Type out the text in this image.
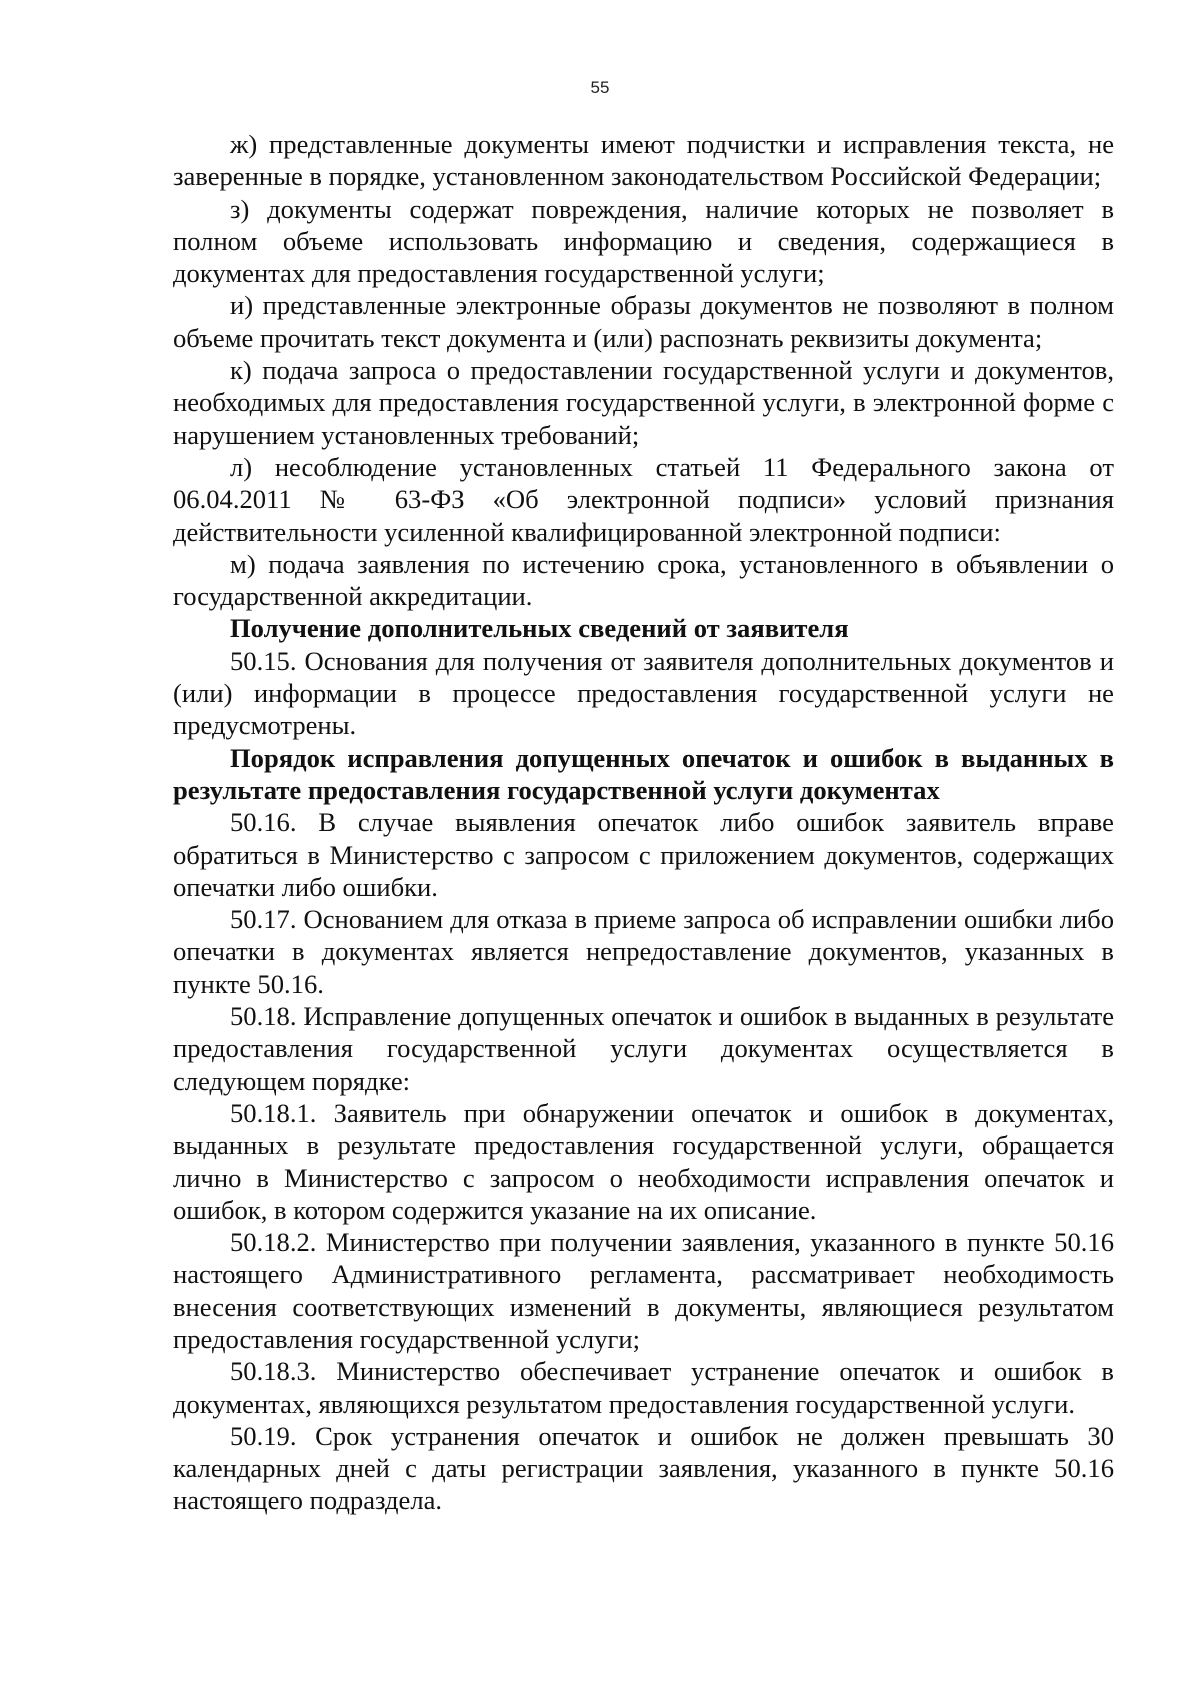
55

ж) представленные документы имеют подчистки и исправления текста, не заверенные в порядке, установленном законодательством Российской Федерации;

з) документы содержат повреждения, наличие которых не позволяет в полном объеме использовать информацию и сведения, содержащиеся в документах для предоставления государственной услуги;

и) представленные электронные образы документов не позволяют в полном объеме прочитать текст документа и (или) распознать реквизиты документа;

к) подача запроса о предоставлении государственной услуги и документов, необходимых для предоставления государственной услуги, в электронной форме с нарушением установленных требований;

л) несоблюдение установленных статьей 11 Федерального закона от 06.04.2011 № 63-ФЗ «Об электронной подписи» условий признания действительности усиленной квалифицированной электронной подписи:

м) подача заявления по истечению срока, установленного в объявлении о государственной аккредитации.

Получение дополнительных сведений от заявителя

50.15. Основания для получения от заявителя дополнительных документов и (или) информации в процессе предоставления государственной услуги не предусмотрены.

Порядок исправления допущенных опечаток и ошибок в выданных в результате предоставления государственной услуги документах

50.16. В случае выявления опечаток либо ошибок заявитель вправе обратиться в Министерство с запросом с приложением документов, содержащих опечатки либо ошибки.

50.17. Основанием для отказа в приеме запроса об исправлении ошибки либо опечатки в документах является непредоставление документов, указанных в пункте 50.16.

50.18. Исправление допущенных опечаток и ошибок в выданных в результате предоставления государственной услуги документах осуществляется в следующем порядке:

50.18.1. Заявитель при обнаружении опечаток и ошибок в документах, выданных в результате предоставления государственной услуги, обращается лично в Министерство с запросом о необходимости исправления опечаток и ошибок, в котором содержится указание на их описание.

50.18.2. Министерство при получении заявления, указанного в пункте 50.16 настоящего Административного регламента, рассматривает необходимость внесения соответствующих изменений в документы, являющиеся результатом предоставления государственной услуги;

50.18.3. Министерство обеспечивает устранение опечаток и ошибок в документах, являющихся результатом предоставления государственной услуги.

50.19. Срок устранения опечаток и ошибок не должен превышать 30 календарных дней с даты регистрации заявления, указанного в пункте 50.16 настоящего подраздела.
